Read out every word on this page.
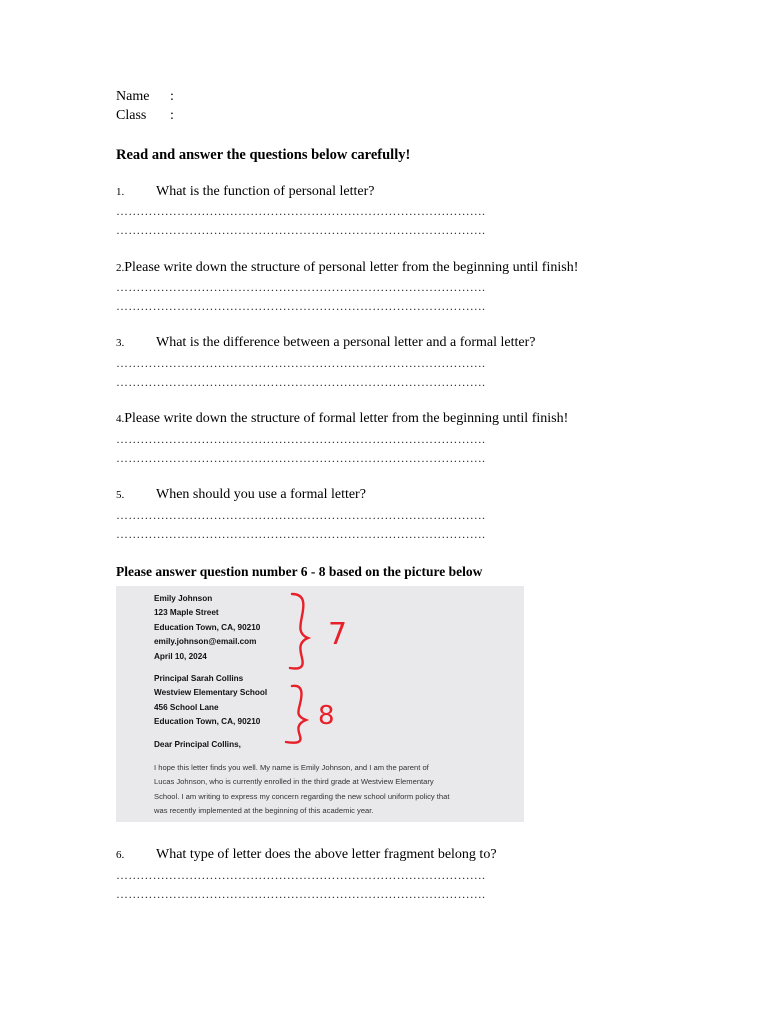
Name :
Class :
Read and answer the questions below carefully!
1. What is the function of personal letter?
……………………………………………………………………………….
……………………………………………………………………………….
2.Please write down the structure of personal letter from the beginning until finish!
……………………………………………………………………………….
……………………………………………………………………………….
3. What is the difference between a personal letter and a formal letter?
……………………………………………………………………………….
……………………………………………………………………………….
4.Please write down the structure of formal letter from the beginning until finish!
……………………………………………………………………………….
……………………………………………………………………………….
5. When should you use a formal letter?
……………………………………………………………………………….
……………………………………………………………………………….
Please answer question number 6 - 8 based on the picture below
Emily Johnson
123 Maple Street
Education Town, CA, 90210
emily.johnson@email.com
April 10, 2024
Principal Sarah Collins
Westview Elementary School
456 School Lane
Education Town, CA, 90210
Dear Principal Collins,
I hope this letter finds you well. My name is Emily Johnson, and I am the parent of
Lucas Johnson, who is currently enrolled in the third grade at Westview Elementary
School. I am writing to express my concern regarding the new school uniform policy that
was recently implemented at the beginning of this academic year.
7
8
6. What type of letter does the above letter fragment belong to?
……………………………………………………………………………….
……………………………………………………………………………….
